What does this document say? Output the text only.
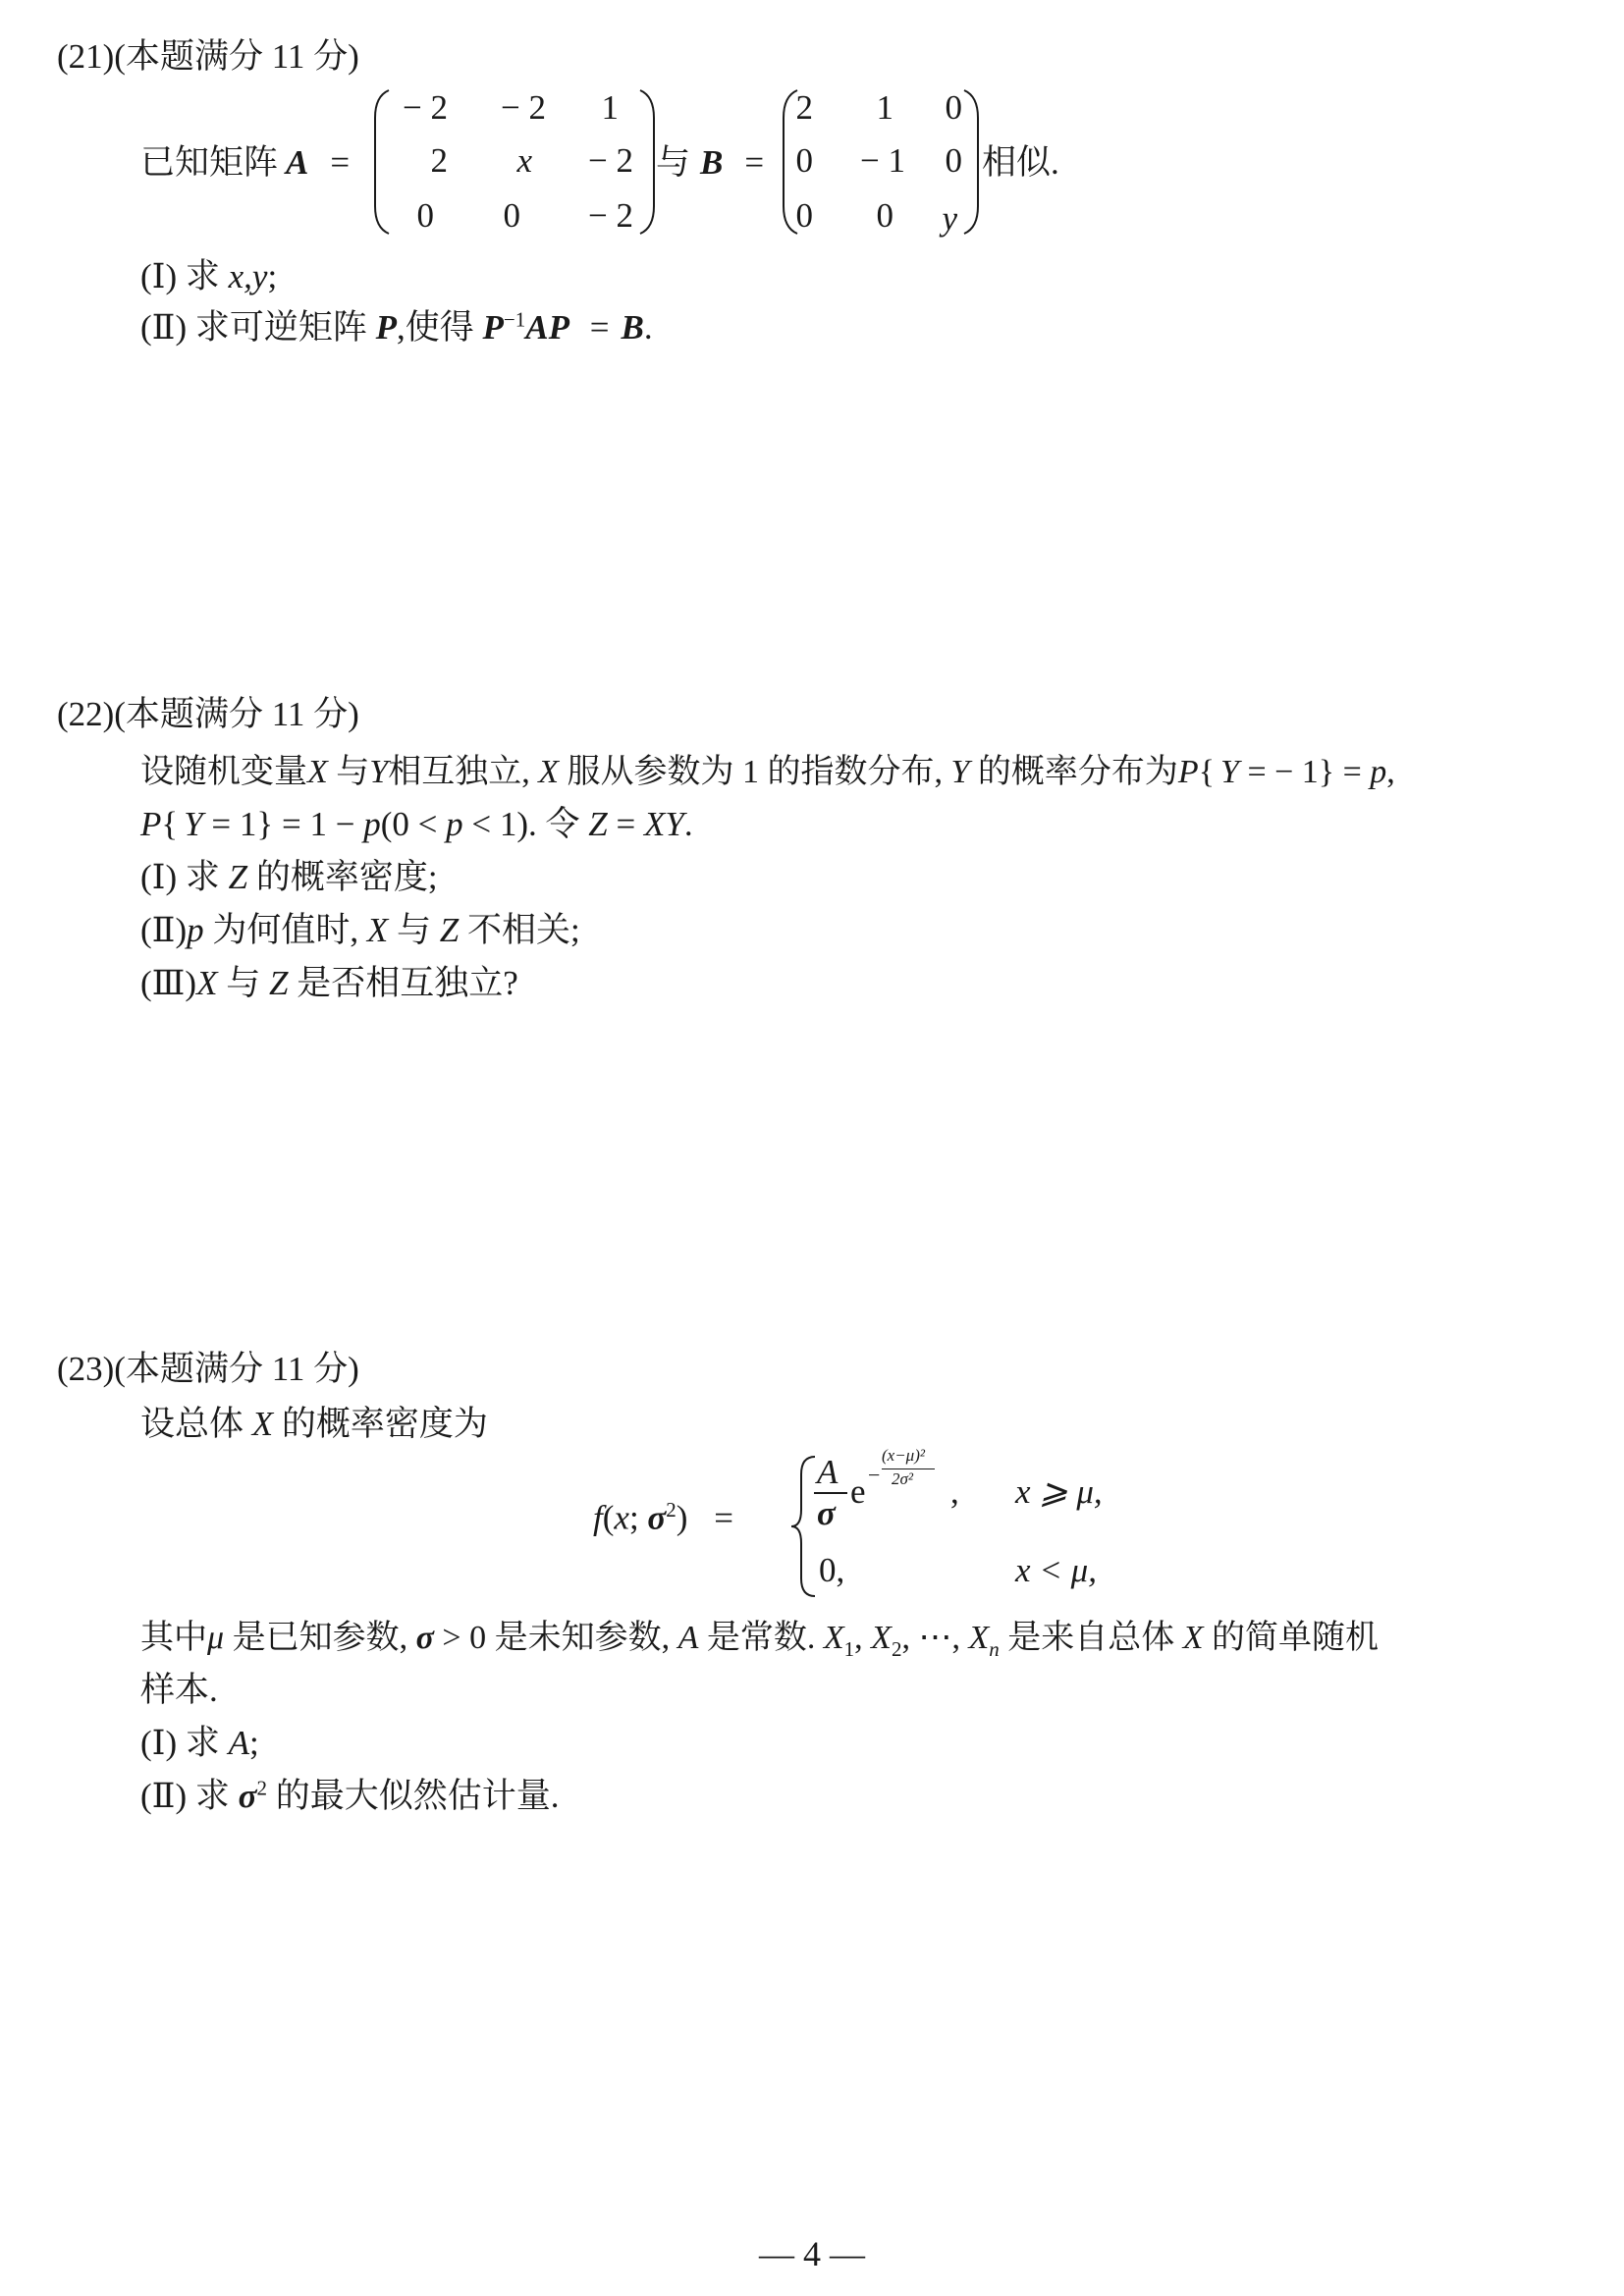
(21)(本题满分 11 分)
已知矩阵 A =
− 2	− 2	1
2	x	− 2
0	0	− 2
与 B =
2	1	0
0	− 1	0
0	0	y
相似.
(Ⅰ) 求 x,y;
(Ⅱ) 求可逆矩阵 P,使得 $P^{-1}AP = B$.
(22)(本题满分 11 分)
设随机变量X 与Y相互独立, X 服从参数为 1 的指数分布, Y 的概率分布为P{ Y = − 1} = p,
P{ Y = 1} = 1 − p(0 < p < 1). 令 Z = XY.
(Ⅰ) 求 Z 的概率密度;
(Ⅱ)p 为何值时, X 与 Z 不相关;
(Ⅲ)X 与 Z 是否相互独立?
(23)(本题满分 11 分)
设总体 X 的概率密度为
f(x; $\sigma^2$) =
A
σ
e −
(x−μ)²
2σ² , x ⩾ μ,
0,	x < μ,
其中μ 是已知参数, σ > 0 是未知参数, A 是常数. $X_1$, $X_2$, ⋯, $X_n$ 是来自总体 X 的简单随机
样本.
(Ⅰ) 求 A;
(Ⅱ) 求 $\sigma^2$ 的最大似然估计量.
— 4 —
